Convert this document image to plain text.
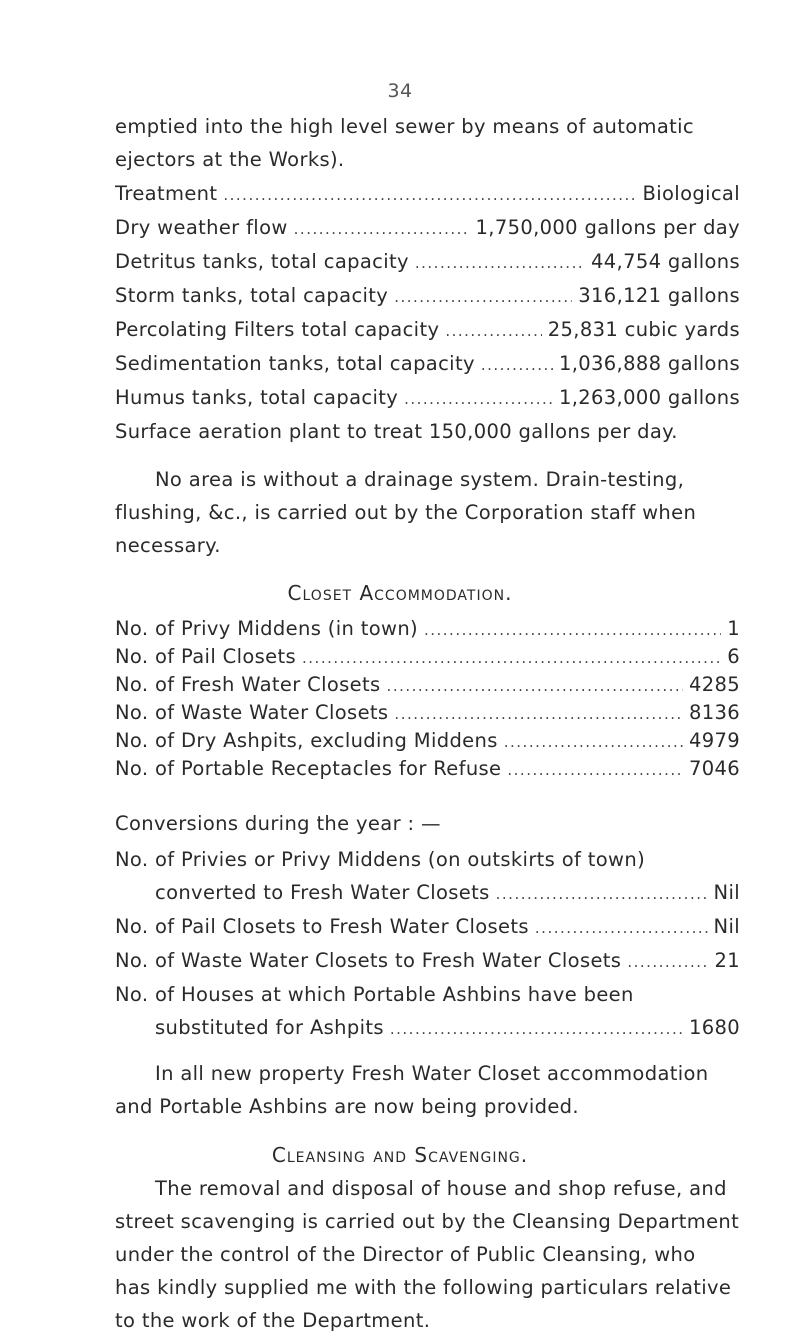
34
emptied into the high level sewer by means of automatic
ejectors at the Works).
Treatment .....	Biological
Dry weather flow .....	1,750,000 gallons per day
Detritus tanks, total capacity .....	44,754 gallons
Storm tanks, total capacity .....	316,121 gallons
Percolating Filters total capacity .....	25,831 cubic yards
Sedimentation tanks, total capacity .....	1,036,888 gallons
Humus tanks, total capacity .....	1,263,000 gallons
Surface aeration plant to treat 150,000 gallons per day.
No area is without a drainage system. Drain-testing,
flushing, &c., is carried out by the Corporation staff when
necessary.
Closet Accommodation.
No. of Privy Middens (in town) .....	1
No. of Pail Closets .....	6
No. of Fresh Water Closets .....	4285
No. of Waste Water Closets .....	8136
No. of Dry Ashpits, excluding Middens .....	4979
No. of Portable Receptacles for Refuse .....	7046
Conversions during the year : —
No. of Privies or Privy Middens (on outskirts of town)
converted to Fresh Water Closets .....	Nil
No. of Pail Closets to Fresh Water Closets .....	Nil
No. of Waste Water Closets to Fresh Water Closets .....	21
No. of Houses at which Portable Ashbins have been
substituted for Ashpits .....	1680
In all new property Fresh Water Closet accommodation
and Portable Ashbins are now being provided.
Cleansing and Scavenging.
The removal and disposal of house and shop refuse, and
street scavenging is carried out by the Cleansing Department
under the control of the Director of Public Cleansing, who
has kindly supplied me with the following particulars relative
to the work of the Department.
